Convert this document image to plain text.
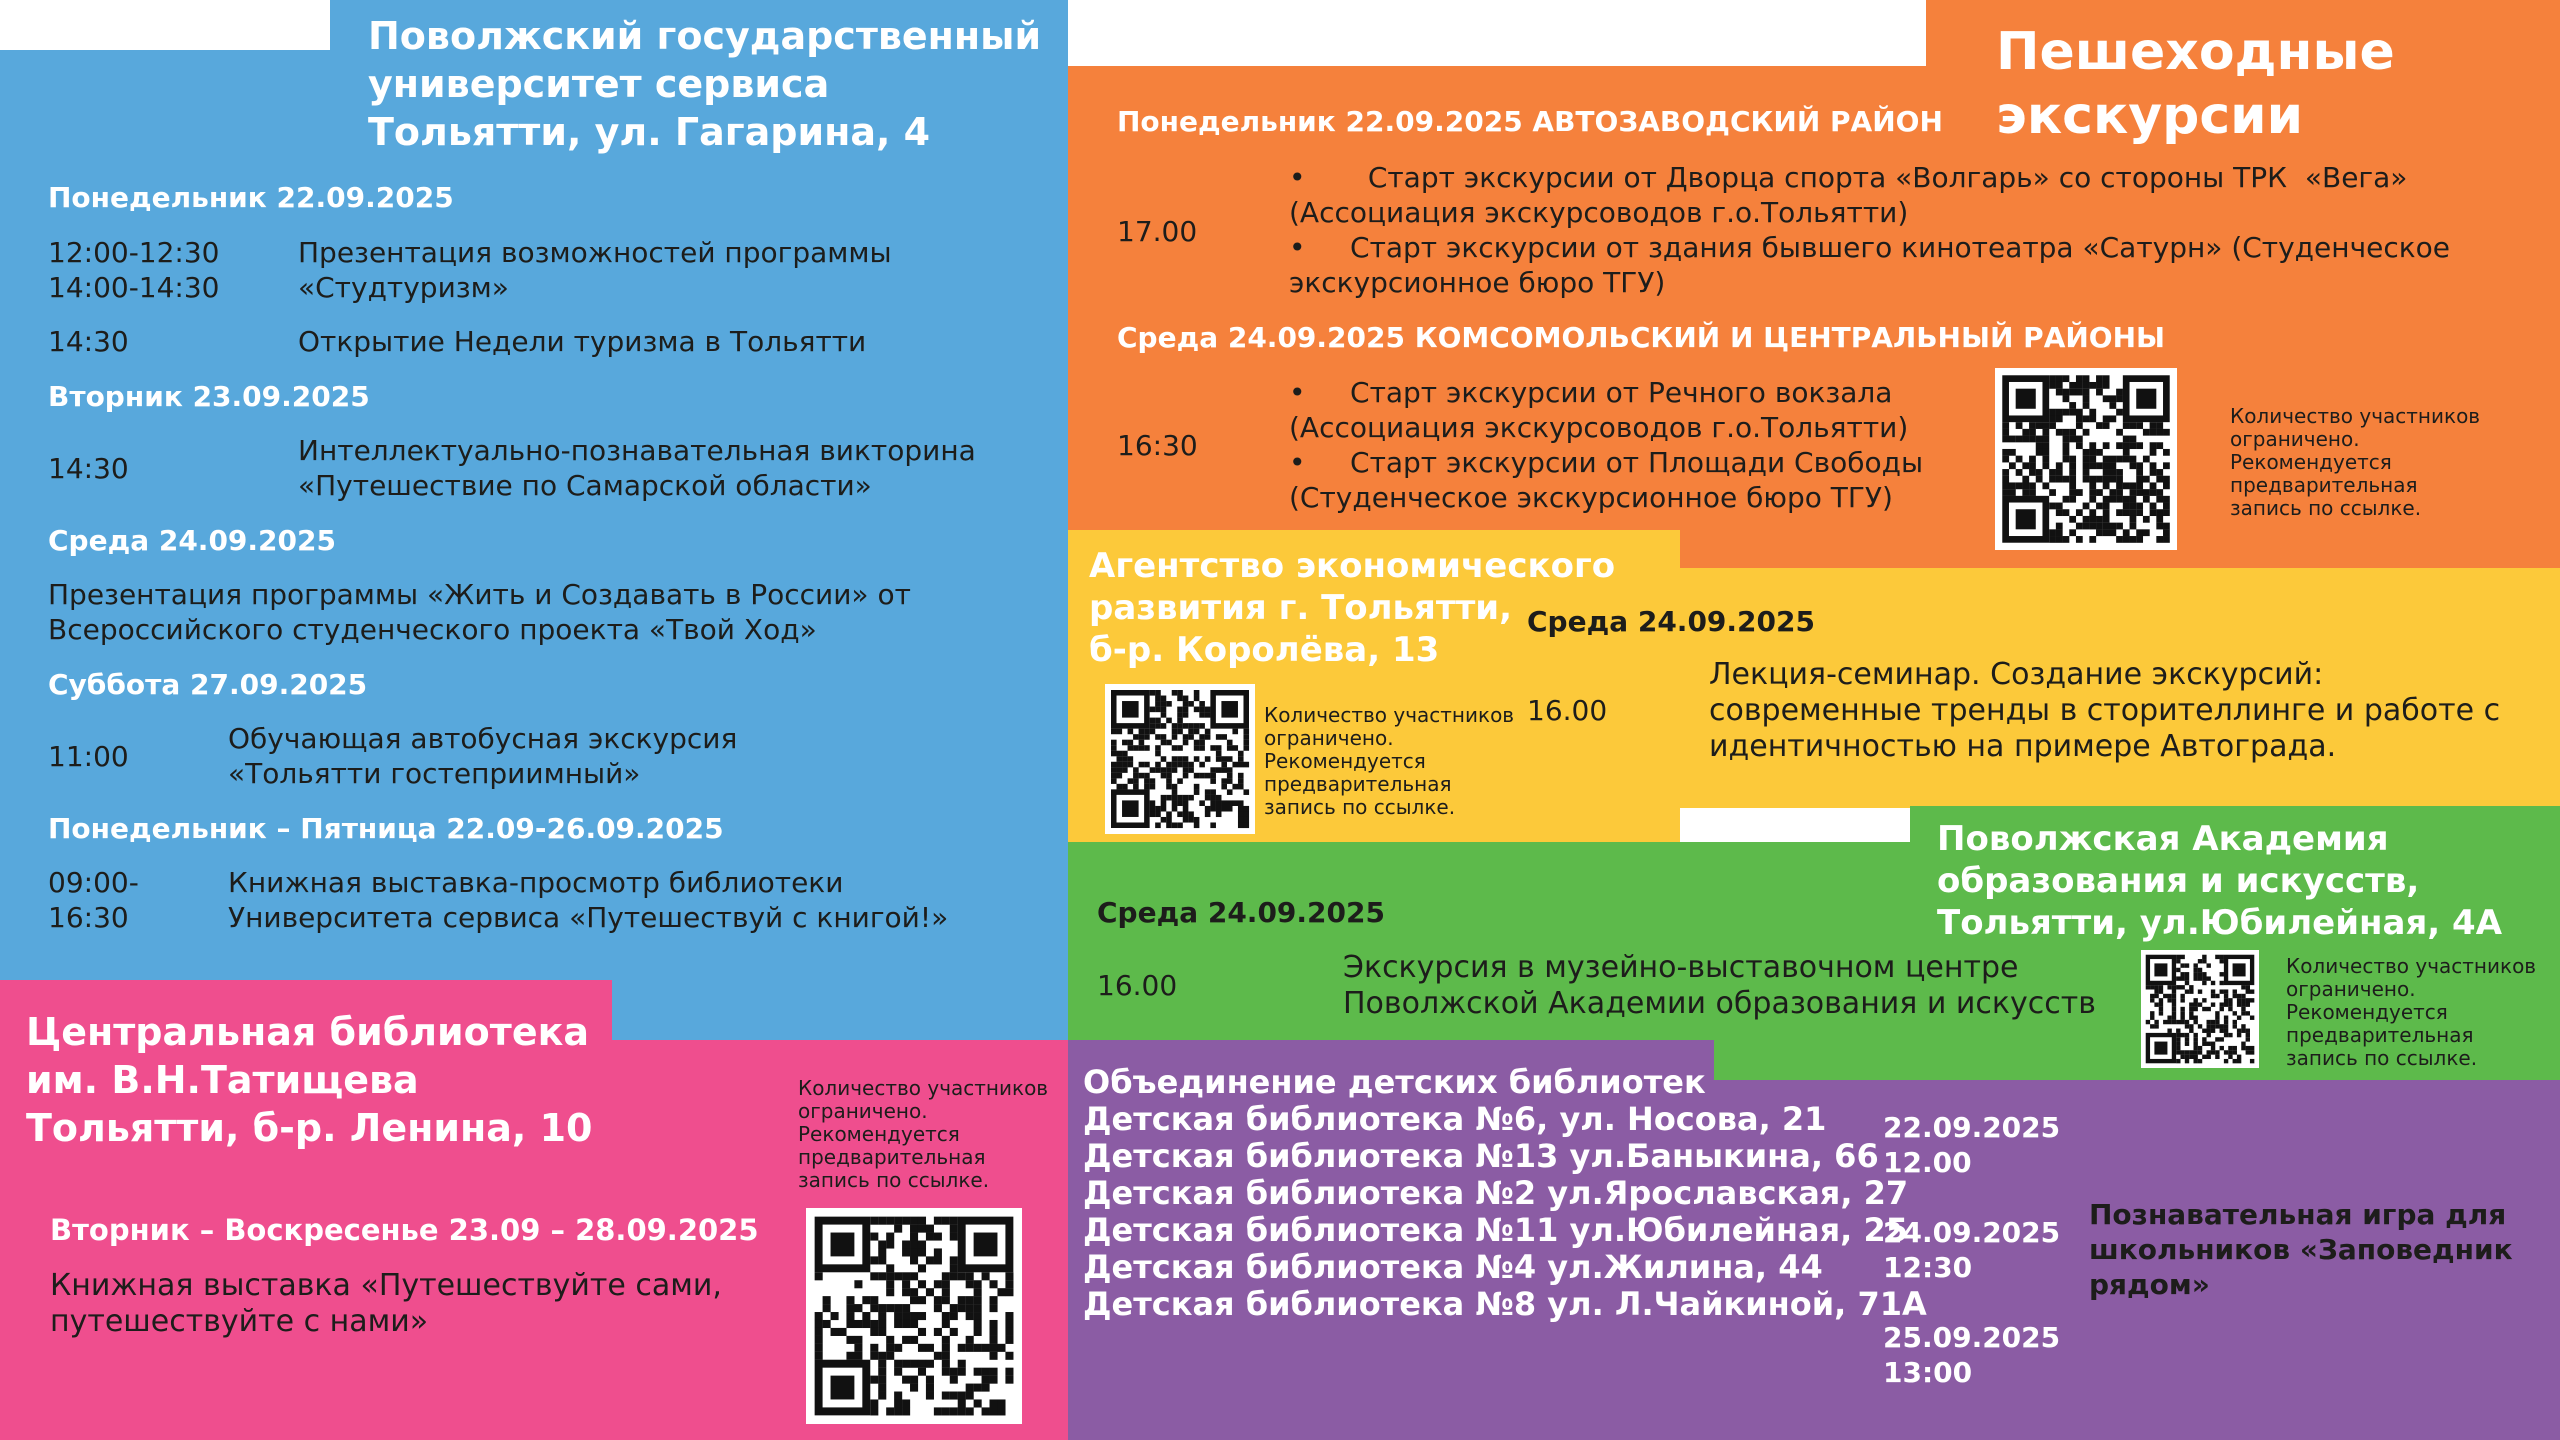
Поволжский государственный
университет сервиса
Тольятти, ул. Гагарина, 4
Понедельник 22.09.2025
12:00-12:30
14:00-14:30
Презентация возможностей программы
«Студтуризм»
14:30	Открытие Недели туризма в Тольятти
Вторник 23.09.2025
14:30
Интеллектуально-познавательная викторина
«Путешествие по Самарской области»
Среда 24.09.2025
Презентация программы «Жить и Создавать в России» от
Всероссийского студенческого проекта «Твой Ход»
Суббота 27.09.2025
11:00
Обучающая автобусная экскурсия
«Тольятти гостеприимный»
Понедельник – Пятница 22.09-26.09.2025
09:00-
16:30
Книжная выставка-просмотр библиотеки
Университета сервиса «Путешествуй с книгой!»
Центральная библиотека
им. В.Н.Татищева
Тольятти, б-р. Ленина, 10
Количество участников
ограничено.
Рекомендуется
предварительная
запись по ссылке.
Вторник – Воскресенье 23.09 – 28.09.2025
Книжная выставка «Путешествуйте сами,
путешествуйте с нами»
Пешеходные
экскурсии
Понедельник 22.09.2025 АВТОЗАВОДСКИЙ РАЙОН
17.00
•       Старт экскурсии от Дворца спорта «Волгарь» со стороны ТРК  «Вега»
(Ассоциация экскурсоводов г.о.Тольятти)
•     Старт экскурсии от здания бывшего кинотеатра «Сатурн» (Студенческое
экскурсионное бюро ТГУ)
Среда 24.09.2025 КОМСОМОЛЬСКИЙ И ЦЕНТРАЛЬНЫЙ РАЙОНЫ
16:30
•     Старт экскурсии от Речного вокзала
(Ассоциация экскурсоводов г.о.Тольятти)
•     Старт экскурсии от Площади Свободы
(Студенческое экскурсионное бюро ТГУ)
Количество участников
ограничено.
Рекомендуется
предварительная
запись по ссылке.
Агентство экономического
развития г. Тольятти,
б-р. Королёва, 13
Количество участников
ограничено.
Рекомендуется
предварительная
запись по ссылке.
Среда 24.09.2025
16.00
Лекция-семинар. Создание экскурсий:
современные тренды в сторителлинге и работе с
идентичностью на примере Автограда.
Поволжская Академия
образования и искусств,
Тольятти, ул.Юбилейная, 4А
Среда 24.09.2025
16.00
Экскурсия в музейно-выставочном центре
Поволжской Академии образования и искусств
Количество участников
ограничено.
Рекомендуется
предварительная
запись по ссылке.
Объединение детских библиотек
Детская библиотека №6, ул. Носова, 21
Детская библиотека №13 ул.Баныкина, 66
Детская библиотека №2 ул.Ярославская, 27
Детская библиотека №11 ул.Юбилейная, 25
Детская библиотека №4 ул.Жилина, 44
Детская библиотека №8 ул. Л.Чайкиной, 71А
22.09.2025
12.00
24.09.2025
12:30
25.09.2025
13:00
Познавательная игра для
школьников «Заповедник
рядом»
